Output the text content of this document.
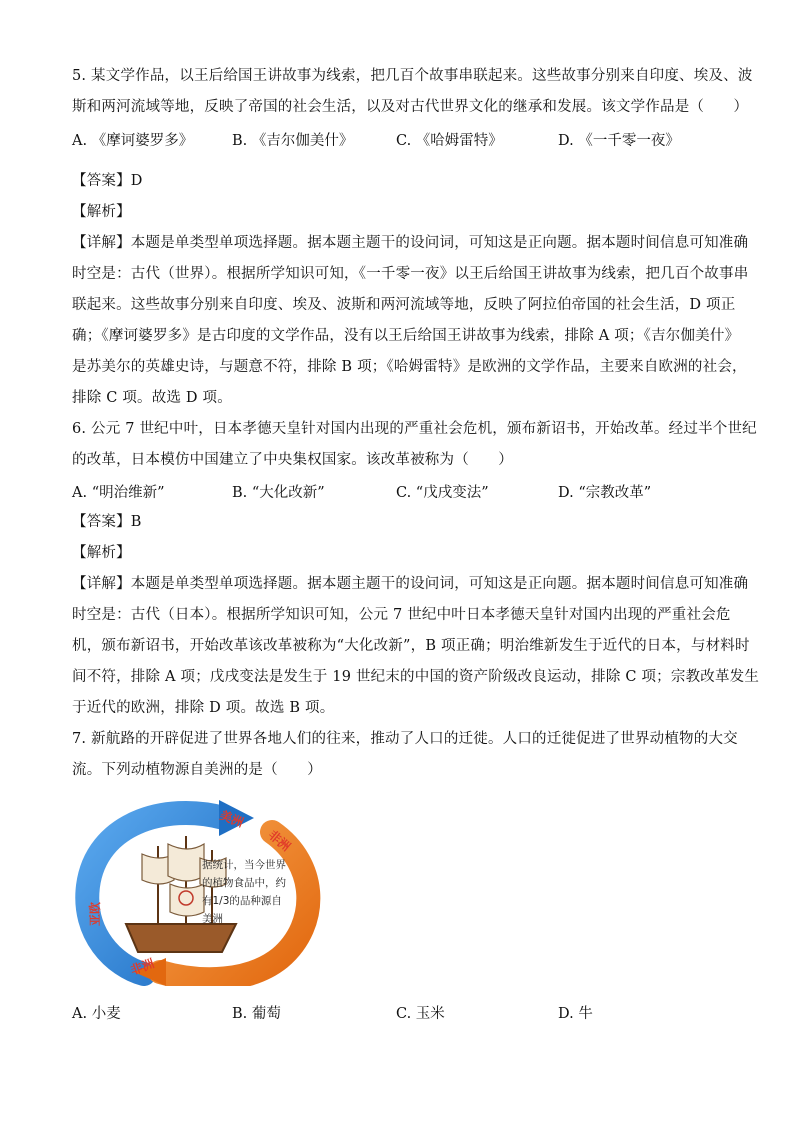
5. 某文学作品，以王后给国王讲故事为线索，把几百个故事串联起来。这些故事分别来自印度、埃及、波
斯和两河流域等地，反映了帝国的社会生活，以及对古代世界文化的继承和发展。该文学作品是（　　）
A. 《摩诃婆罗多》	B. 《吉尔伽美什》	C. 《哈姆雷特》	D. 《一千零一夜》
【答案】D
【解析】
【详解】本题是单类型单项选择题。据本题主题干的设问词，可知这是正向题。据本题时间信息可知准确
时空是：古代（世界）。根据所学知识可知，《一千零一夜》以王后给国王讲故事为线索，把几百个故事串
联起来。这些故事分别来自印度、埃及、波斯和两河流域等地，反映了阿拉伯帝国的社会生活，D 项正
确；《摩诃婆罗多》是古印度的文学作品，没有以王后给国王讲故事为线索，排除 A 项；《吉尔伽美什》
是苏美尔的英雄史诗，与题意不符，排除 B 项；《哈姆雷特》是欧洲的文学作品，主要来自欧洲的社会，
排除 C 项。故选 D 项。
6. 公元 7 世纪中叶，日本孝德天皇针对国内出现的严重社会危机，颁布新诏书，开始改革。经过半个世纪
的改革，日本模仿中国建立了中央集权国家。该改革被称为（　　）
A. “明治维新”	B. “大化改新”	C. “戊戌变法”	D. “宗教改革”
【答案】B
【解析】
【详解】本题是单类型单项选择题。据本题主题干的设问词，可知这是正向题。据本题时间信息可知准确
时空是：古代（日本）。根据所学知识可知，公元 7 世纪中叶日本孝德天皇针对国内出现的严重社会危
机，颁布新诏书，开始改革该改革被称为“大化改新”，B 项正确；明治维新发生于近代的日本，与材料时
间不符，排除 A 项；戊戌变法是发生于 19 世纪末的中国的资产阶级改良运动，排除 C 项；宗教改革发生
于近代的欧洲，排除 D 项。故选 B 项。
7. 新航路的开辟促进了世界各地人们的往来，推动了人口的迁徙。人口的迁徙促进了世界动植物的大交
流。下列动植物源自美洲的是（　　）
美洲
非洲
亚欧
非洲
据统计，当今世界
的植物食品中，约
有1/3的品种源自
美洲
A. 小麦	B. 葡萄	C. 玉米	D. 牛
